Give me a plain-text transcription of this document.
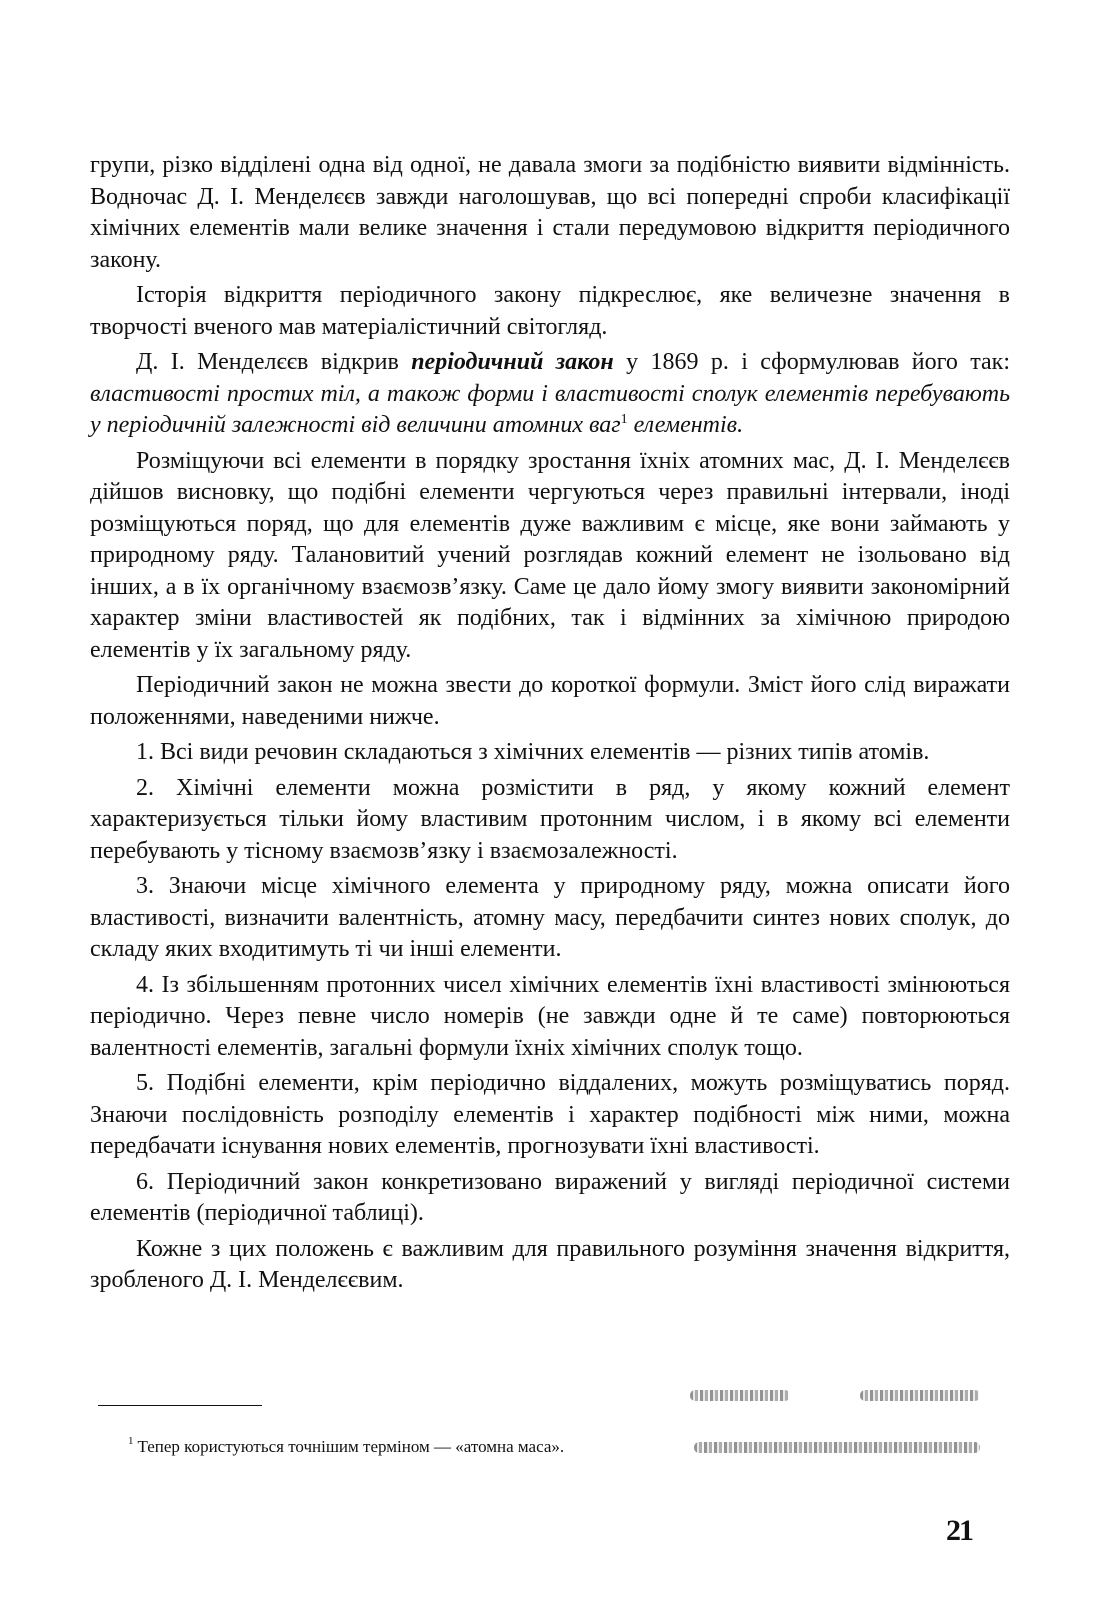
групи, різко відділені одна від одної, не давала змоги за подібністю виявити відмінність. Водночас Д. І. Менделєєв завжди наголошував, що всі попередні спроби класифікації хімічних елементів мали велике значення і стали передумовою відкриття періодичного закону.

Історія відкриття періодичного закону підкреслює, яке величезне значення в творчості вченого мав матеріалістичний світогляд.

Д. І. Менделєєв відкрив періодичний закон у 1869 р. і сформулював його так: властивості простих тіл, а також форми і властивості сполук елементів перебувають у періодичній залежності від величини атомних ваг$^1$ елементів.

Розміщуючи всі елементи в порядку зростання їхніх атомних мас, Д. І. Менделєєв дійшов висновку, що подібні елементи чергуються через правильні інтервали, іноді розміщуються поряд, що для елементів дуже важливим є місце, яке вони займають у природному ряду. Талановитий учений розглядав кожний елемент не ізольовано від інших, а в їх органічному взаємозв’язку. Саме це дало йому змогу виявити закономірний характер зміни властивостей як подібних, так і відмінних за хімічною природою елементів у їх загальному ряду.

Періодичний закон не можна звести до короткої формули. Зміст його слід виражати положеннями, наведеними нижче.

1. Всі види речовин складаються з хімічних елементів — різних типів атомів.

2. Хімічні елементи можна розмістити в ряд, у якому кожний елемент характеризується тільки йому властивим протонним числом, і в якому всі елементи перебувають у тісному взаємозв’язку і взаємозалежності.

3. Знаючи місце хімічного елемента у природному ряду, можна описати його властивості, визначити валентність, атомну масу, передбачити синтез нових сполук, до складу яких входитимуть ті чи інші елементи.

4. Із збільшенням протонних чисел хімічних елементів їхні властивості змінюються періодично. Через певне число номерів (не завжди одне й те саме) повторюються валентності елементів, загальні формули їхніх хімічних сполук тощо.

5. Подібні елементи, крім періодично віддалених, можуть розміщуватись поряд. Знаючи послідовність розподілу елементів і характер подібності між ними, можна передбачати існування нових елементів, прогнозувати їхні властивості.

6. Періодичний закон конкретизовано виражений у вигляді періодичної системи елементів (періодичної таблиці).

Кожне з цих положень є важливим для правильного розуміння значення відкриття, зробленого Д. І. Менделєєвим.

$^1$ Тепер користуються точнішим терміном — «атомна маса».
21
